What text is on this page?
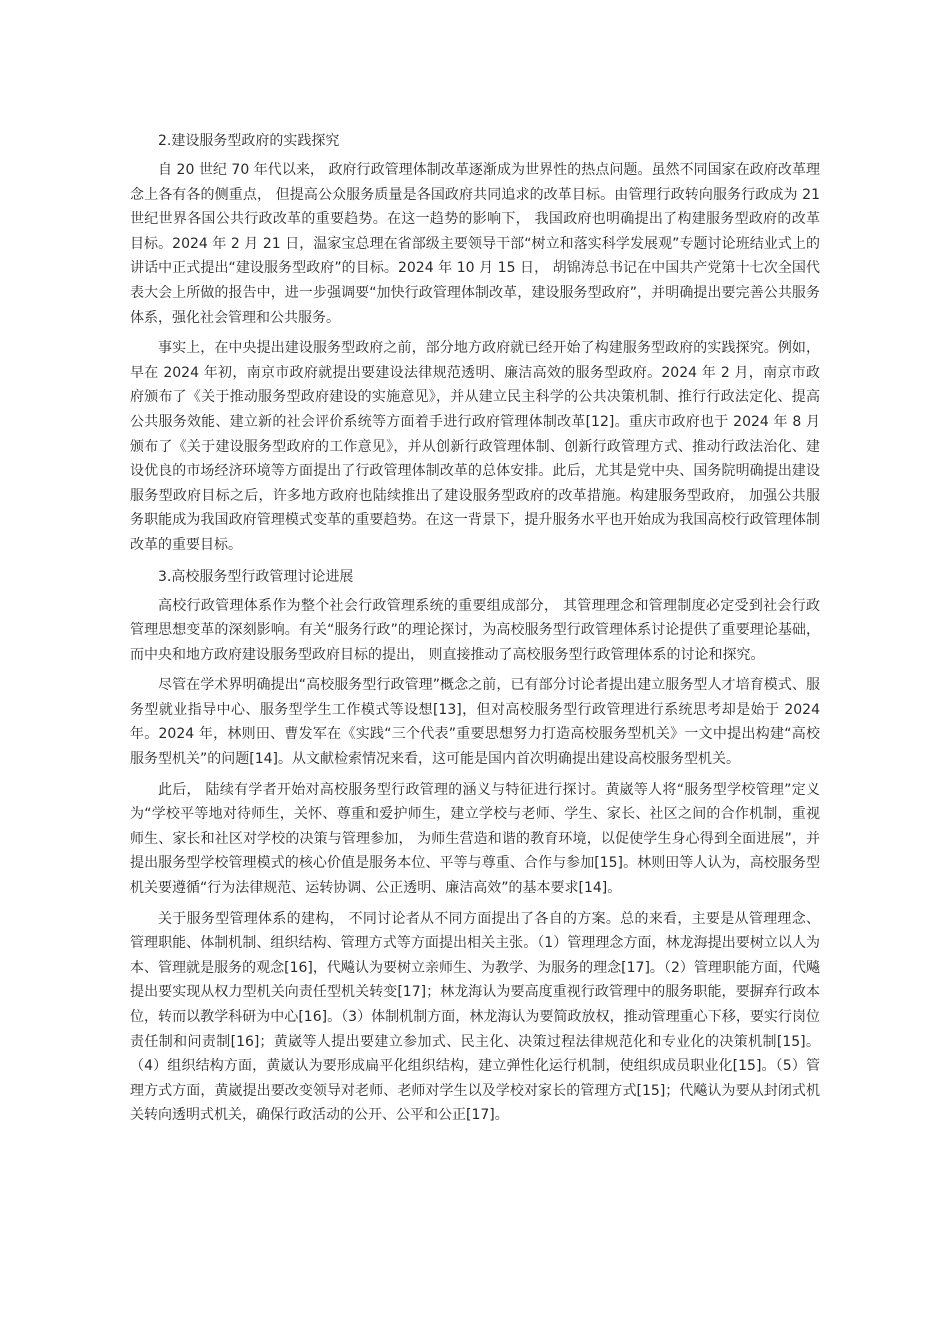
2.建设服务型政府的实践探究

自 20 世纪 70 年代以来， 政府行政管理体制改革逐渐成为世界性的热点问题。虽然不同国家在政府改革理念上各有各的侧重点， 但提高公众服务质量是各国政府共同追求的改革目标。由管理行政转向服务行政成为 21 世纪世界各国公共行政改革的重要趋势。在这一趋势的影响下， 我国政府也明确提出了构建服务型政府的改革目标。2024 年 2 月 21 日，温家宝总理在省部级主要领导干部“树立和落实科学发展观”专题讨论班结业式上的讲话中正式提出“建设服务型政府”的目标。2024 年 10 月 15 日， 胡锦涛总书记在中国共产党第十七次全国代表大会上所做的报告中，进一步强调要“加快行政管理体制改革，建设服务型政府”，并明确提出要完善公共服务体系，强化社会管理和公共服务。

事实上，在中央提出建设服务型政府之前，部分地方政府就已经开始了构建服务型政府的实践探究。例如，早在 2024 年初，南京市政府就提出要建设法律规范透明、廉洁高效的服务型政府。2024 年 2 月，南京市政府颁布了《关于推动服务型政府建设的实施意见》，并从建立民主科学的公共决策机制、推行行政法定化、提高公共服务效能、建立新的社会评价系统等方面着手进行政府管理体制改革[12]。重庆市政府也于 2024 年 8 月颁布了《关于建设服务型政府的工作意见》，并从创新行政管理体制、创新行政管理方式、推动行政法治化、建设优良的市场经济环境等方面提出了行政管理体制改革的总体安排。此后，尤其是党中央、国务院明确提出建设服务型政府目标之后，许多地方政府也陆续推出了建设服务型政府的改革措施。构建服务型政府， 加强公共服务职能成为我国政府管理模式变革的重要趋势。在这一背景下，提升服务水平也开始成为我国高校行政管理体制改革的重要目标。

3.高校服务型行政管理讨论进展

高校行政管理体系作为整个社会行政管理系统的重要组成部分， 其管理理念和管理制度必定受到社会行政管理思想变革的深刻影响。有关“服务行政”的理论探讨，为高校服务型行政管理体系讨论提供了重要理论基础，而中央和地方政府建设服务型政府目标的提出， 则直接推动了高校服务型行政管理体系的讨论和探究。

尽管在学术界明确提出“高校服务型行政管理”概念之前，已有部分讨论者提出建立服务型人才培育模式、服务型就业指导中心、服务型学生工作模式等设想[13]，但对高校服务型行政管理进行系统思考却是始于 2024 年。2024 年，林则田、曹发军在《实践“三个代表”重要思想努力打造高校服务型机关》一文中提出构建“高校服务型机关”的问题[14]。从文献检索情况来看，这可能是国内首次明确提出建设高校服务型机关。

此后， 陆续有学者开始对高校服务型行政管理的涵义与特征进行探讨。黄崴等人将“服务型学校管理”定义为“学校平等地对待师生，关怀、尊重和爱护师生，建立学校与老师、学生、家长、社区之间的合作机制，重视师生、家长和社区对学校的决策与管理参加， 为师生营造和谐的教育环境，以促使学生身心得到全面进展”，并提出服务型学校管理模式的核心价值是服务本位、平等与尊重、合作与参加[15]。林则田等人认为，高校服务型机关要遵循“行为法律规范、运转协调、公正透明、廉洁高效”的基本要求[14]。

关于服务型管理体系的建构， 不同讨论者从不同方面提出了各自的方案。总的来看，主要是从管理理念、管理职能、体制机制、组织结构、管理方式等方面提出相关主张。（1）管理理念方面，林龙海提出要树立以人为本、管理就是服务的观念[16]，代飚认为要树立亲师生、为教学、为服务的理念[17]。（2）管理职能方面，代飚提出要实现从权力型机关向责任型机关转变[17]；林龙海认为要高度重视行政管理中的服务职能，要摒弃行政本位，转而以教学科研为中心[16]。（3）体制机制方面，林龙海认为要简政放权，推动管理重心下移，要实行岗位责任制和问责制[16]；黄崴等人提出要建立参加式、民主化、决策过程法律规范化和专业化的决策机制[15]。（4）组织结构方面，黄崴认为要形成扁平化组织结构，建立弹性化运行机制，使组织成员职业化[15]。（5）管理方式方面，黄崴提出要改变领导对老师、老师对学生以及学校对家长的管理方式[15]；代飚认为要从封闭式机关转向透明式机关，确保行政活动的公开、公平和公正[17]。
